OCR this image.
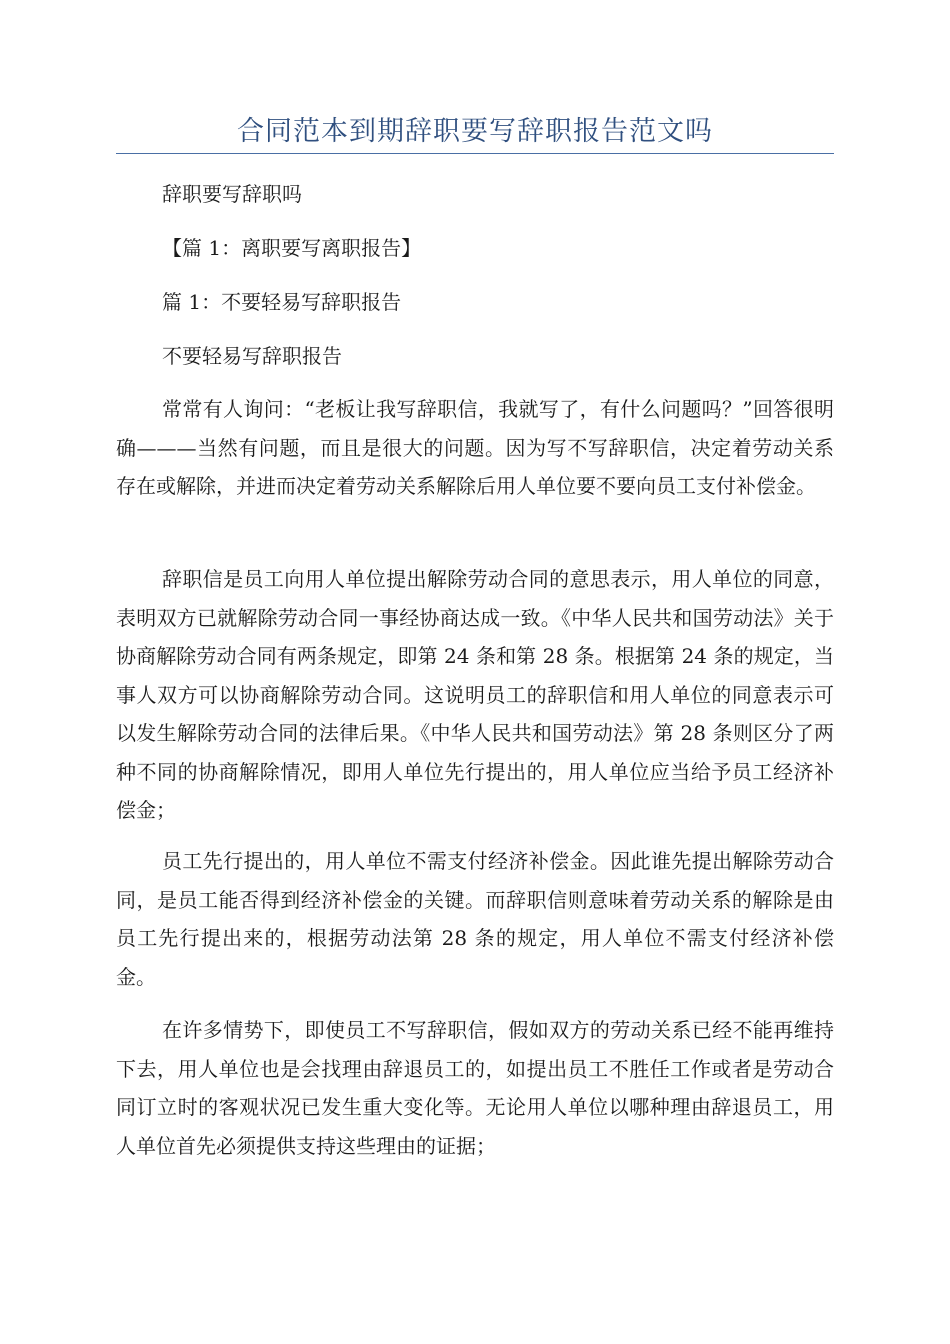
合同范本到期辞职要写辞职报告范文吗
辞职要写辞职吗
【篇 1：离职要写离职报告】
篇 1：不要轻易写辞职报告
不要轻易写辞职报告

常常有人询问：“老板让我写辞职信，我就写了，有什么问题吗？”回答很明确———当然有问题，而且是很大的问题。因为写不写辞职信，决定着劳动关系存在或解除，并进而决定着劳动关系解除后用人单位要不要向员工支付补偿金。

辞职信是员工向用人单位提出解除劳动合同的意思表示，用人单位的同意，表明双方已就解除劳动合同一事经协商达成一致。《中华人民共和国劳动法》关于协商解除劳动合同有两条规定，即第 24 条和第 28 条。根据第 24 条的规定，当事人双方可以协商解除劳动合同。这说明员工的辞职信和用人单位的同意表示可以发生解除劳动合同的法律后果。《中华人民共和国劳动法》第 28 条则区分了两种不同的协商解除情况，即用人单位先行提出的，用人单位应当给予员工经济补偿金；

员工先行提出的，用人单位不需支付经济补偿金。因此谁先提出解除劳动合同，是员工能否得到经济补偿金的关键。而辞职信则意味着劳动关系的解除是由员工先行提出来的，根据劳动法第 28 条的规定，用人单位不需支付经济补偿金。

在许多情势下，即使员工不写辞职信，假如双方的劳动关系已经不能再维持下去，用人单位也是会找理由辞退员工的，如提出员工不胜任工作或者是劳动合同订立时的客观状况已发生重大变化等。无论用人单位以哪种理由辞退员工，用人单位首先必须提供支持这些理由的证据；
